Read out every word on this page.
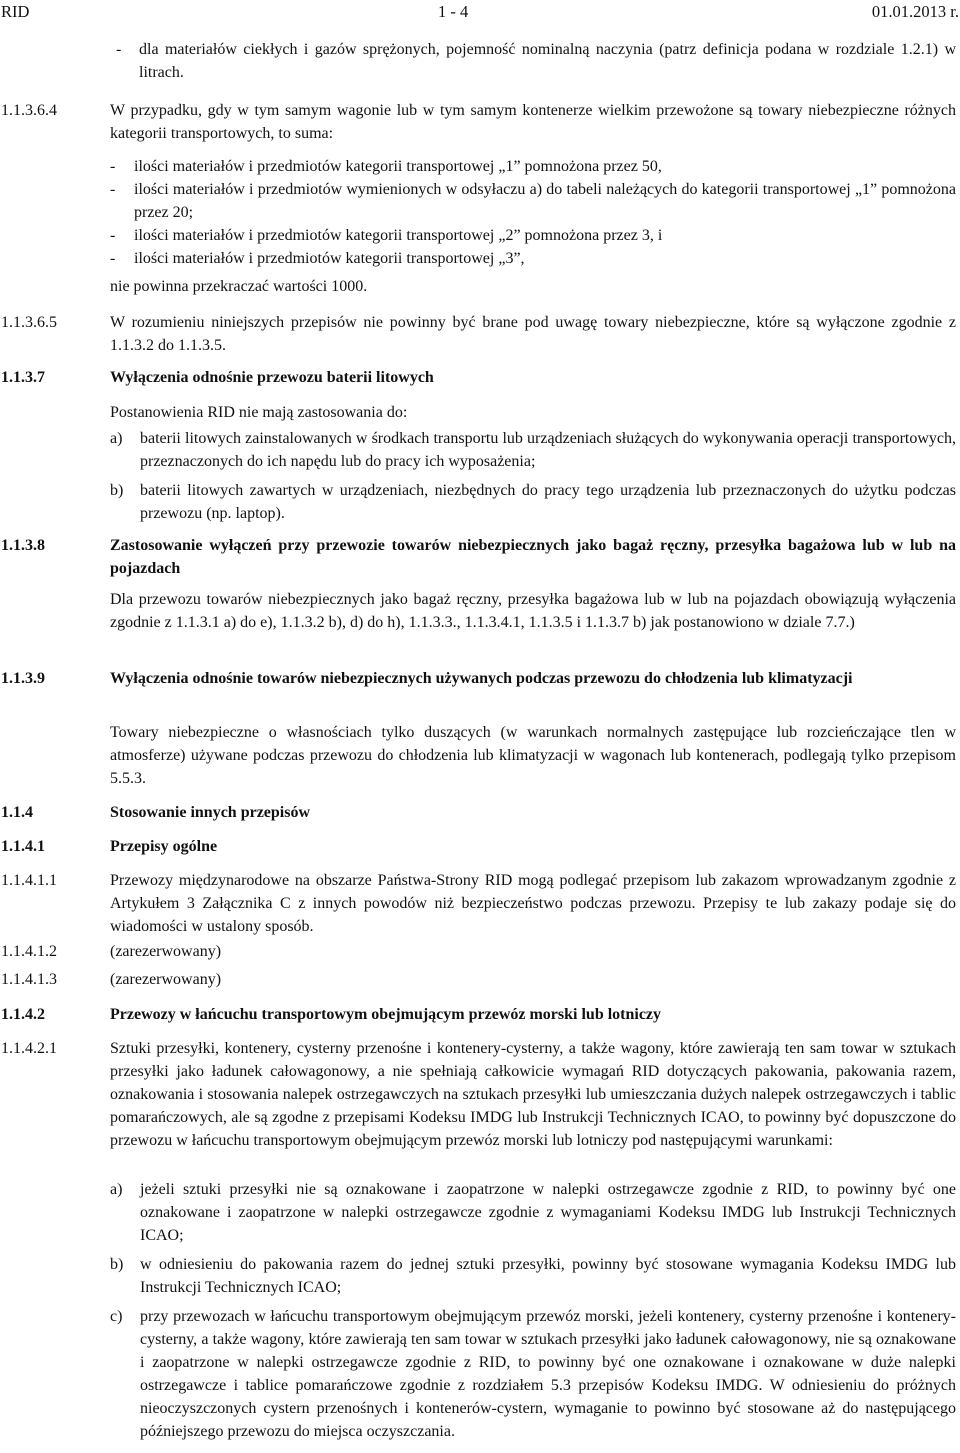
RID	1 - 4	01.01.2013 r.
- dla materiałów ciekłych i gazów sprężonych, pojemność nominalną naczynia (patrz definicja podana w rozdziale 1.2.1) w litrach.
1.1.3.6.4	W przypadku, gdy w tym samym wagonie lub w tym samym kontenerze wielkim przewożone są towary niebezpieczne różnych kategorii transportowych, to suma:
- ilości materiałów i przedmiotów kategorii transportowej „1” pomnożona przez 50,
- ilości materiałów i przedmiotów wymienionych w odsyłaczu a) do tabeli należących do kategorii transportowej „1” pomnożona przez 20;
- ilości materiałów i przedmiotów kategorii transportowej „2” pomnożona przez 3, i
- ilości materiałów i przedmiotów kategorii transportowej „3”,
nie powinna przekraczać wartości 1000.
1.1.3.6.5	W rozumieniu niniejszych przepisów nie powinny być brane pod uwagę towary niebezpieczne, które są wyłączone zgodnie z 1.1.3.2 do 1.1.3.5.
1.1.3.7	Wyłączenia odnośnie przewozu baterii litowych
Postanowienia RID nie mają zastosowania do:
a) baterii litowych zainstalowanych w środkach transportu lub urządzeniach służących do wykonywania operacji transportowych, przeznaczonych do ich napędu lub do pracy ich wyposażenia;
b) baterii litowych zawartych w urządzeniach, niezbędnych do pracy tego urządzenia lub przeznaczonych do użytku podczas przewozu (np. laptop).
1.1.3.8	Zastosowanie wyłączeń przy przewozie towarów niebezpiecznych jako bagaż ręczny, przesyłka bagażowa lub w lub na pojazdach
Dla przewozu towarów niebezpiecznych jako bagaż ręczny, przesyłka bagażowa lub w lub na pojazdach obowiązują wyłączenia zgodnie z 1.1.3.1 a) do e), 1.1.3.2 b), d) do h), 1.1.3.3., 1.1.3.4.1, 1.1.3.5 i 1.1.3.7 b) jak postanowiono w dziale 7.7.)
1.1.3.9	Wyłączenia odnośnie towarów niebezpiecznych używanych podczas przewozu do chłodzenia lub klimatyzacji
Towary niebezpieczne o własnościach tylko duszących (w warunkach normalnych zastępujące lub rozcieńczające tlen w atmosferze) używane podczas przewozu do chłodzenia lub klimatyzacji w wagonach lub kontenerach, podlegają tylko przepisom 5.5.3.
1.1.4	Stosowanie innych przepisów
1.1.4.1	Przepisy ogólne
1.1.4.1.1	Przewozy międzynarodowe na obszarze Państwa-Strony RID mogą podlegać przepisom lub zakazom wprowadzanym zgodnie z Artykułem 3 Załącznika C z innych powodów niż bezpieczeństwo podczas przewozu. Przepisy te lub zakazy podaje się do wiadomości w ustalony sposób.
1.1.4.1.2	(zarezerwowany)
1.1.4.1.3	(zarezerwowany)
1.1.4.2	Przewozy w łańcuchu transportowym obejmującym przewóz morski lub lotniczy
1.1.4.2.1	Sztuki przesyłki, kontenery, cysterny przenośne i kontenery-cysterny, a także wagony, które zawierają ten sam towar w sztukach przesyłki jako ładunek całowagonowy, a nie spełniają całkowicie wymagań RID dotyczących pakowania, pakowania razem, oznakowania i stosowania nalepek ostrzegawczych na sztukach przesyłki lub umieszczania dużych nalepek ostrzegawczych i tablic pomarańczowych, ale są zgodne z przepisami Kodeksu IMDG lub Instrukcji Technicznych ICAO, to powinny być dopuszczone do przewozu w łańcuchu transportowym obejmującym przewóz morski lub lotniczy pod następującymi warunkami:
a) jeżeli sztuki przesyłki nie są oznakowane i zaopatrzone w nalepki ostrzegawcze zgodnie z RID, to powinny być one oznakowane i zaopatrzone w nalepki ostrzegawcze zgodnie z wymaganiami Kodeksu IMDG lub Instrukcji Technicznych ICAO;
b) w odniesieniu do pakowania razem do jednej sztuki przesyłki, powinny być stosowane wymagania Kodeksu IMDG lub Instrukcji Technicznych ICAO;
c) przy przewozach w łańcuchu transportowym obejmującym przewóz morski, jeżeli kontenery, cysterny przenośne i kontenery-cysterny, a także wagony, które zawierają ten sam towar w sztukach przesyłki jako ładunek całowagonowy, nie są oznakowane i zaopatrzone w nalepki ostrzegawcze zgodnie z RID, to powinny być one oznakowane i oznakowane w duże nalepki ostrzegawcze i tablice pomarańczowe zgodnie z rozdziałem 5.3 przepisów Kodeksu IMDG. W odniesieniu do próżnych nieoczyszczonych cystern przenośnych i kontenerów-cystern, wymaganie to powinno być stosowane aż do następującego późniejszego przewozu do miejsca oczyszczania.
